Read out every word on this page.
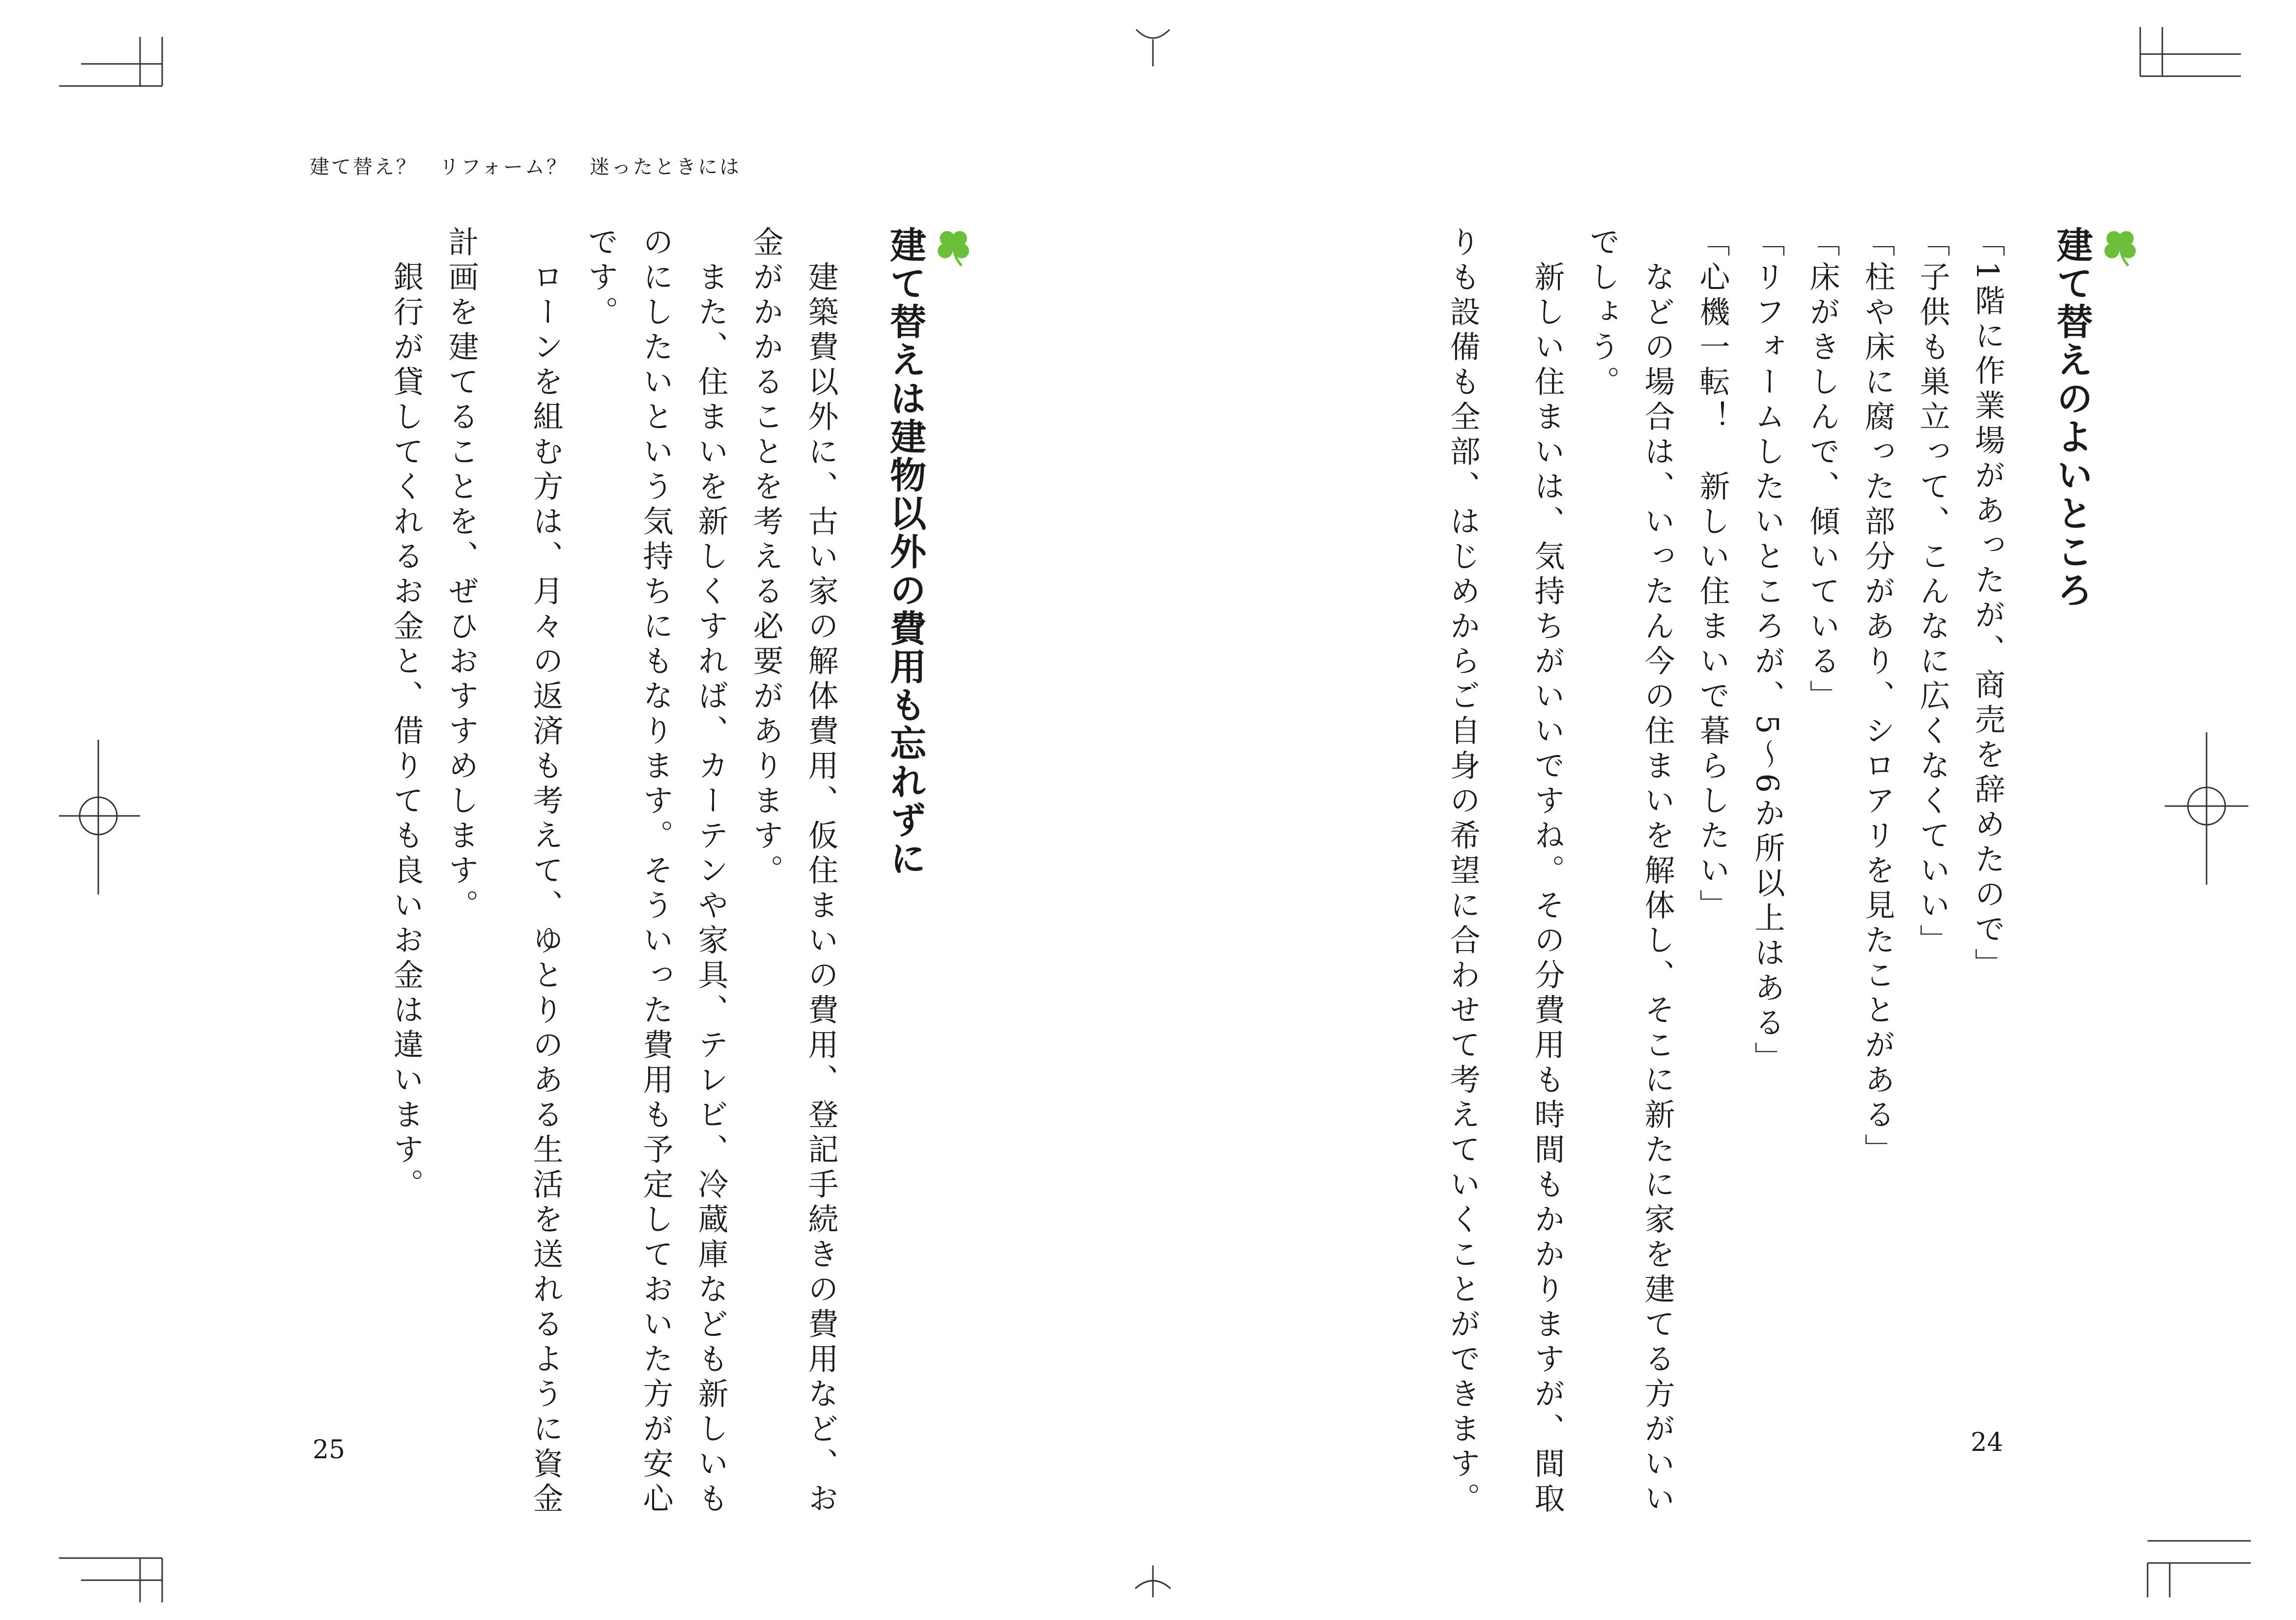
建て替え？　リフォーム？　迷ったときには
25	24
建て替えのよいところ
「1階に作業場があったが、商売を辞めたので」
「子供も巣立って、こんなに広くなくていい」
「柱や床に腐った部分があり、シロアリを見たことがある」
「床がきしんで、傾いている」
「リフォームしたいところが、5〜6か所以上はある」
「心機一転！　新しい住まいで暮らしたい」
　などの場合は、いったん今の住まいを解体し、そこに新たに家を建てる方がいい
でしょう。
　新しい住まいは、気持ちがいいですね。その分費用も時間もかかりますが、間取
りも設備も全部、はじめからご自身の希望に合わせて考えていくことができます。
建て替えは建物以外の費用も忘れずに
　建築費以外に、古い家の解体費用、仮住まいの費用、登記手続きの費用など、お
金がかかることを考える必要があります。
　また、住まいを新しくすれば、カーテンや家具、テレビ、冷蔵庫なども新しいも
のにしたいという気持ちにもなります。そういった費用も予定しておいた方が安心
です。
　ローンを組む方は、月々の返済も考えて、ゆとりのある生活を送れるように資金
計画を建てることを、ぜひおすすめします。
　銀行が貸してくれるお金と、借りても良いお金は違います。
